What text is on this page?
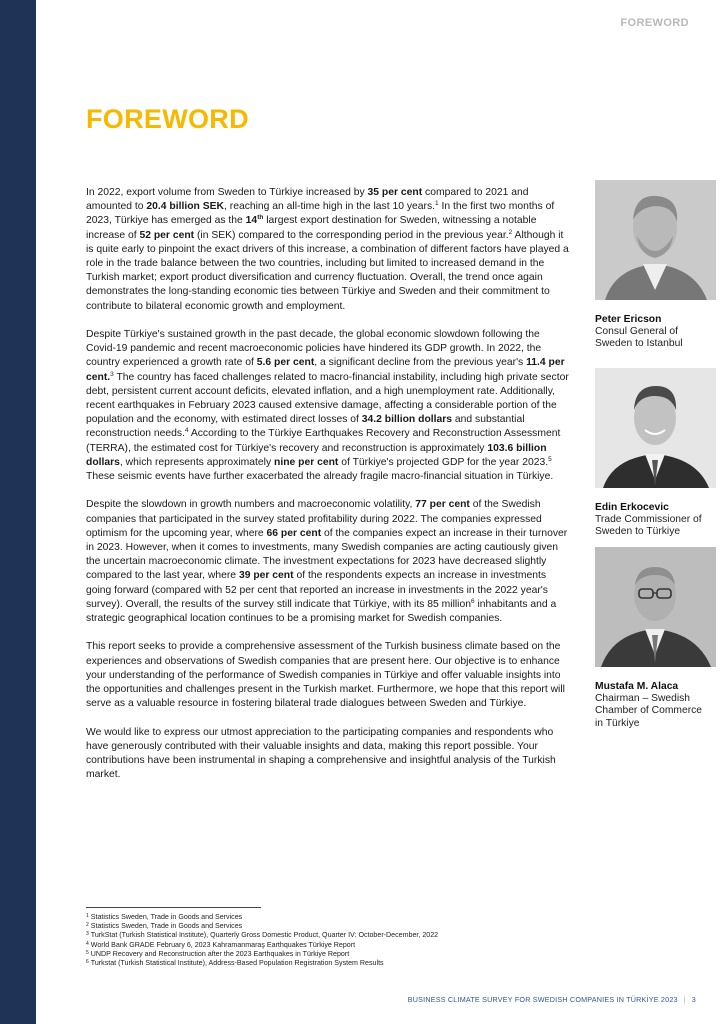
FOREWORD
FOREWORD

In 2022, export volume from Sweden to Türkiye increased by 35 per cent compared to 2021 and amounted to 20.4 billion SEK, reaching an all-time high in the last 10 years.$^1$ In the first two months of 2023, Türkiye has emerged as the 14th largest export destination for Sweden, witnessing a notable increase of 52 per cent (in SEK) compared to the corresponding period in the previous year.$^2$ Although it is quite early to pinpoint the exact drivers of this increase, a combination of different factors have played a role in the trade balance between the two countries, including but limited to increased demand in the Turkish market; export product diversification and currency fluctuation. Overall, the trend once again demonstrates the long-standing economic ties between Türkiye and Sweden and their commitment to contribute to bilateral economic growth and employment.

Despite Türkiye's sustained growth in the past decade, the global economic slowdown following the Covid-19 pandemic and recent macroeconomic policies have hindered its GDP growth. In 2022, the country experienced a growth rate of 5.6 per cent, a significant decline from the previous year's 11.4 per cent.$^3$ The country has faced challenges related to macro-financial instability, including high private sector debt, persistent current account deficits, elevated inflation, and a high unemployment rate. Additionally, recent earthquakes in February 2023 caused extensive damage, affecting a considerable portion of the population and the economy, with estimated direct losses of 34.2 billion dollars and substantial reconstruction needs.$^4$ According to the Türkiye Earthquakes Recovery and Reconstruction Assessment (TERRA), the estimated cost for Türkiye's recovery and reconstruction is approximately 103.6 billion dollars, which represents approximately nine per cent of Türkiye's projected GDP for the year 2023.$^5$ These seismic events have further exacerbated the already fragile macro-financial situation in Türkiye.

Despite the slowdown in growth numbers and macroeconomic volatility, 77 per cent of the Swedish companies that participated in the survey stated profitability during 2022. The companies expressed optimism for the upcoming year, where 66 per cent of the companies expect an increase in their turnover in 2023. However, when it comes to investments, many Swedish companies are acting cautiously given the uncertain macroeconomic climate. The investment expectations for 2023 have decreased slightly compared to the last year, where 39 per cent of the respondents expects an increase in investments going forward (compared with 52 per cent that reported an increase in investments in the 2022 year's survey). Overall, the results of the survey still indicate that Türkiye, with its 85 million$^6$ inhabitants and a strategic geographical location continues to be a promising market for Swedish companies.

This report seeks to provide a comprehensive assessment of the Turkish business climate based on the experiences and observations of Swedish companies that are present here. Our objective is to enhance your understanding of the performance of Swedish companies in Türkiye and offer valuable insights into the opportunities and challenges present in the Turkish market. Furthermore, we hope that this report will serve as a valuable resource in fostering bilateral trade dialogues between Sweden and Türkiye.

We would like to express our utmost appreciation to the participating companies and respondents who have generously contributed with their valuable insights and data, making this report possible. Your contributions have been instrumental in shaping a comprehensive and insightful analysis of the Turkish market.

Peter Ericson
Consul General of
Sweden to Istanbul
Edin Erkocevic
Trade Commissioner of
Sweden to Türkiye
Mustafa M. Alaca
Chairman – Swedish
Chamber of Commerce
in Türkiye
$^1$ Statistics Sweden, Trade in Goods and Services
$^2$ Statistics Sweden, Trade in Goods and Services
$^3$ TurkStat (Turkish Statistical Institute), Quarterly Gross Domestic Product, Quarter IV: October-December, 2022
$^4$ World Bank GRADE February 6, 2023 Kahramanmaraş Earthquakes Türkiye Report
$^5$ UNDP Recovery and Reconstruction after the 2023 Earthquakes in Türkiye Report
$^6$ Turkstat (Turkish Statistical Institute), Address-Based Population Registration System Results
BUSINESS CLIMATE SURVEY FOR SWEDISH COMPANIES IN TÜRKİYE 2023 | 3
